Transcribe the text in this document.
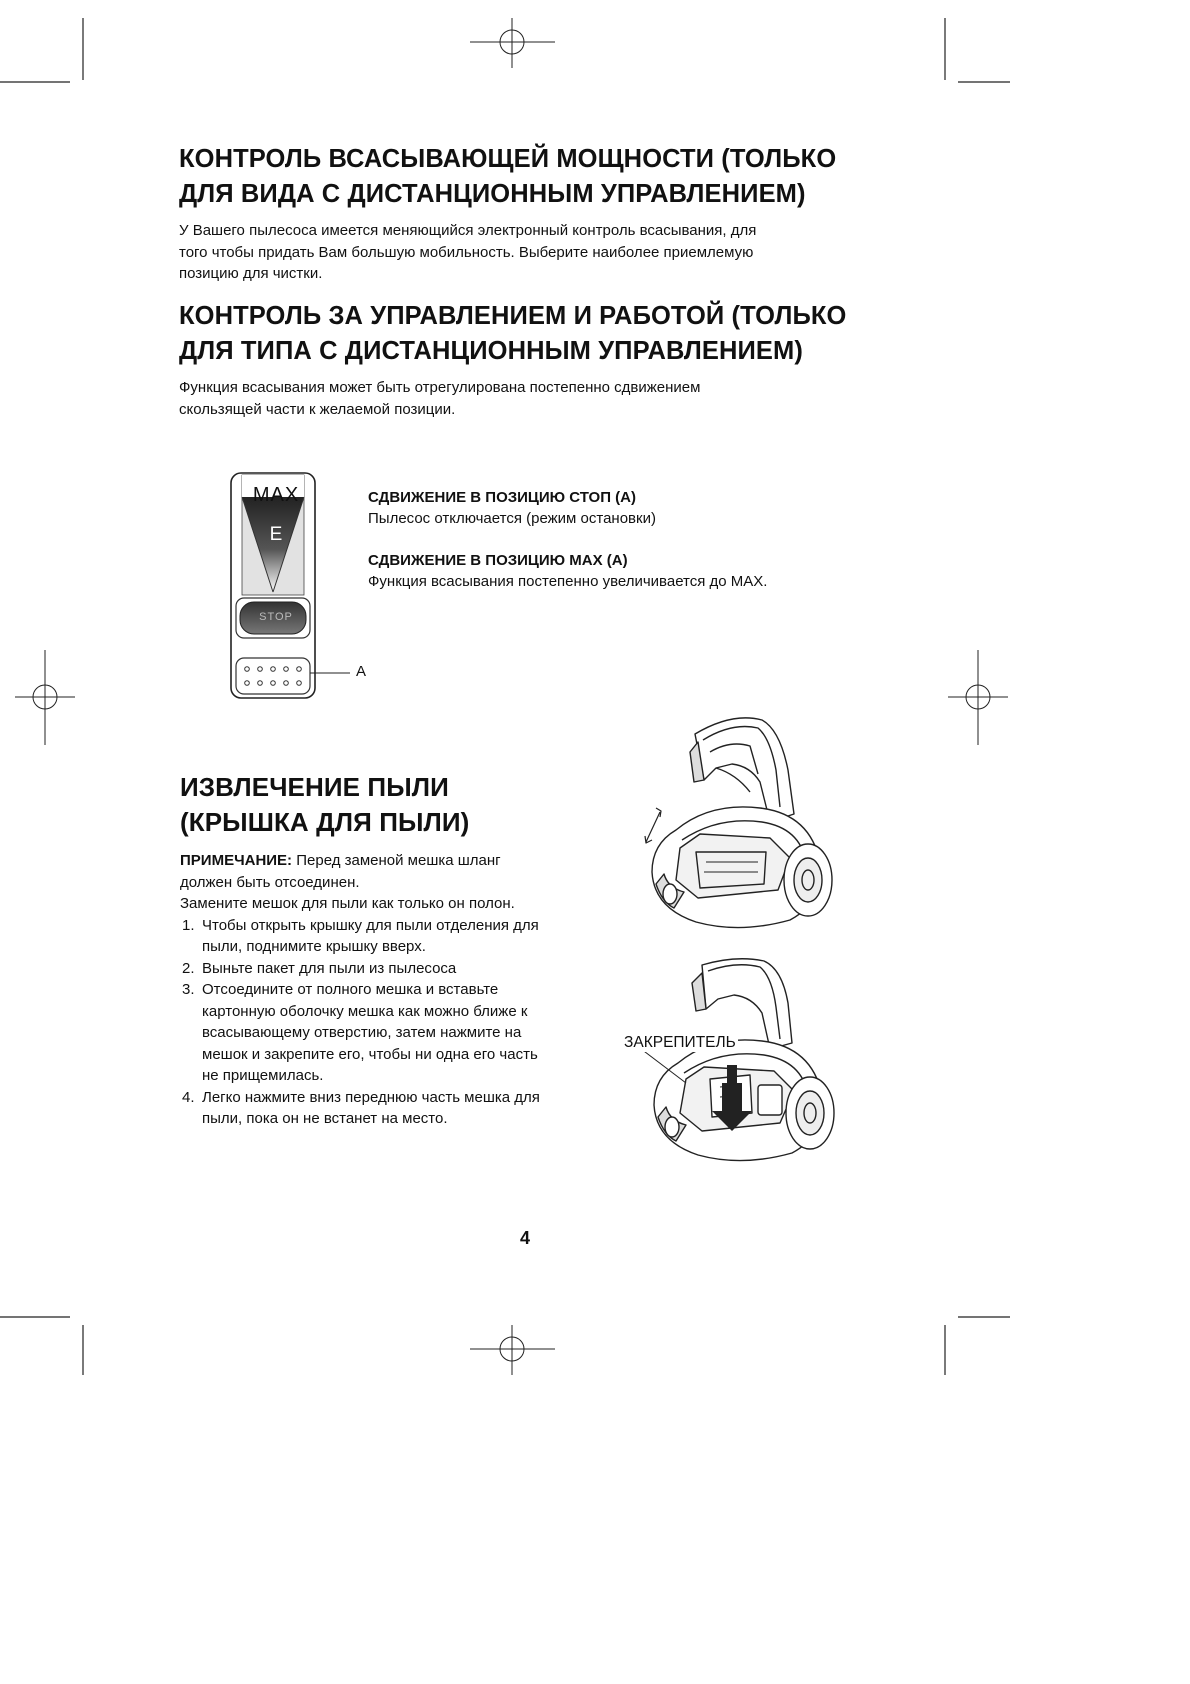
КОНТРОЛЬ ВСАСЫВАЮЩЕЙ МОЩНОСТИ (ТОЛЬКО
ДЛЯ ВИДА С ДИСТАНЦИОННЫМ УПРАВЛЕНИЕМ)
У Вашего пылесоса имеется меняющийся электронный контроль всасывания, для
того чтобы придать Вам большую мобильность. Выберите наиболее приемлемую
позицию для чистки.
КОНТРОЛЬ ЗА УПРАВЛЕНИЕМ И РАБОТОЙ (ТОЛЬКО
ДЛЯ ТИПА С ДИСТАНЦИОННЫМ УПРАВЛЕНИЕМ)
Функция всасывания может быть отрегулирована постепенно сдвижением
скользящей части к желаемой позиции.
MAX
E
STOP
A
СДВИЖЕНИЕ В ПОЗИЦИЮ СТОП (A)
Пылесос отключается (режим остановки)
СДВИЖЕНИЕ В ПОЗИЦИЮ MAX (A)
Функция всасывания постепенно увеличивается до MAX.
ИЗВЛЕЧЕНИЕ ПЫЛИ
(КРЫШКА ДЛЯ ПЫЛИ)
ПРИМЕЧАНИЕ: Перед заменой мешка шланг
должен быть отсоединен.
Замените мешок для пыли как только он полон.
1. Чтобы открыть крышку для пыли отделения для
пыли, поднимите крышку вверх.
2. Выньте пакет для пыли из пылесоса
3. Отсоедините от полного мешка и вставьте
картонную оболочку мешка как можно ближе к
всасывающему отверстию, затем нажмите на
мешок и закрепите его, чтобы ни одна его часть
не прищемилась.
4. Легко нажмите вниз переднюю часть мешка для
пыли, пока он не встанет на место.
ЗАКРЕПИТЕЛЬ
4
